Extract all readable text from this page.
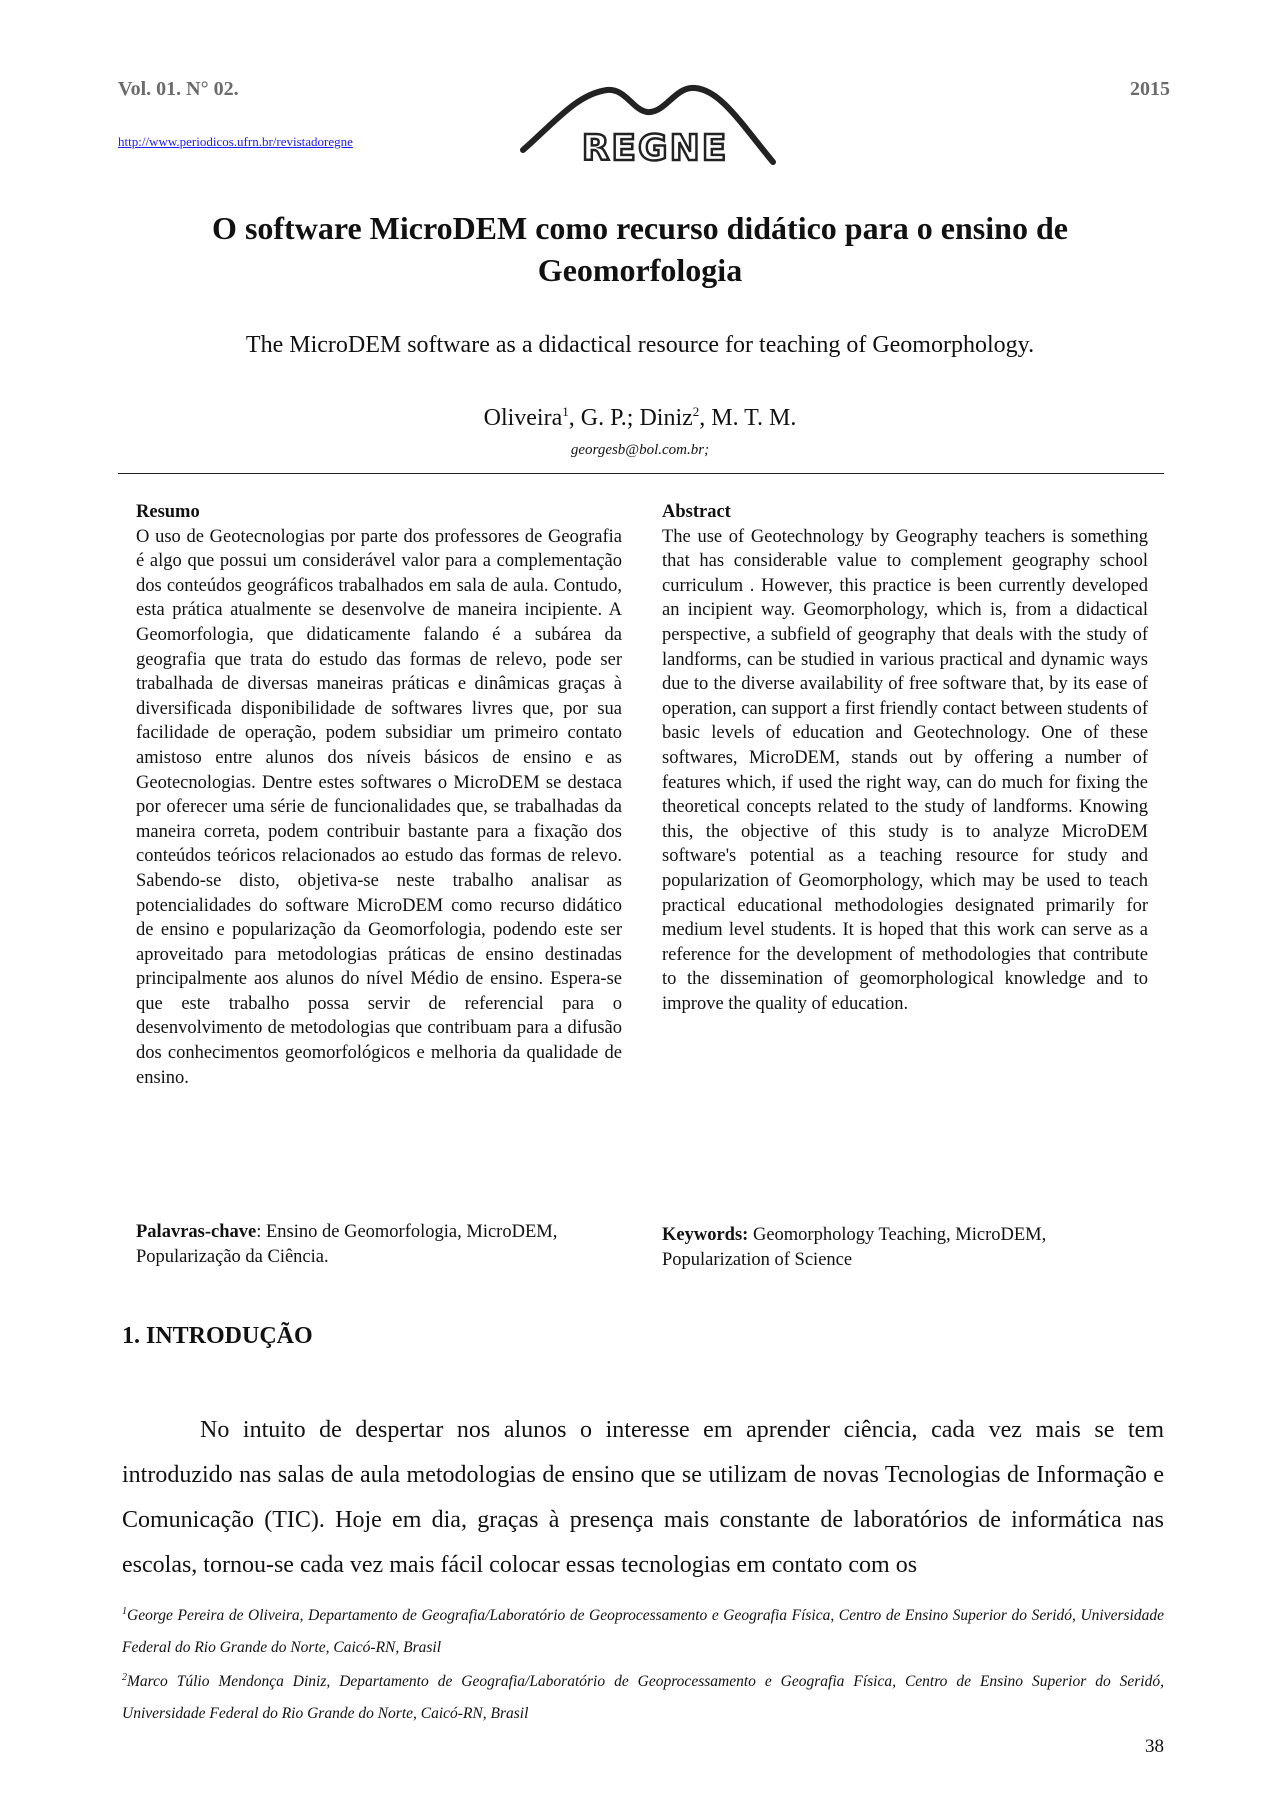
Vol. 01. N° 02.	2015
http://www.periodicos.ufrn.br/revistadoregne	REGNE
O software MicroDEM como recurso didático para o ensino de
Geomorfologia
The MicroDEM software as a didactical resource for teaching of Geomorphology.
Oliveira$^1$, G. P.; Diniz$^2$, M. T. M.
georgesb@bol.com.br;
Resumo

O uso de Geotecnologias por parte dos professores de Geografia é algo que possui um considerável valor para a complementação dos conteúdos geográficos trabalhados em sala de aula. Contudo, esta prática atualmente se desenvolve de maneira incipiente. A Geomorfologia, que didaticamente falando é a subárea da geografia que trata do estudo das formas de relevo, pode ser trabalhada de diversas maneiras práticas e dinâmicas graças à diversificada disponibilidade de softwares livres que, por sua facilidade de operação, podem subsidiar um primeiro contato amistoso entre alunos dos níveis básicos de ensino e as Geotecnologias. Dentre estes softwares o MicroDEM se destaca por oferecer uma série de funcionalidades que, se trabalhadas da maneira correta, podem contribuir bastante para a fixação dos conteúdos teóricos relacionados ao estudo das formas de relevo. Sabendo-se disto, objetiva-se neste trabalho analisar as potencialidades do software MicroDEM como recurso didático de ensino e popularização da Geomorfologia, podendo este ser aproveitado para metodologias práticas de ensino destinadas principalmente aos alunos do nível Médio de ensino. Espera-se que este trabalho possa servir de referencial para o desenvolvimento de metodologias que contribuam para a difusão dos conhecimentos geomorfológicos e melhoria da qualidade de ensino.

Abstract

The use of Geotechnology by Geography teachers is something that has considerable value to complement geography school curriculum . However, this practice is been currently developed an incipient way. Geomorphology, which is, from a didactical perspective, a subfield of geography that deals with the study of landforms, can be studied in various practical and dynamic ways due to the diverse availability of free software that, by its ease of operation, can support a first friendly contact between students of basic levels of education and Geotechnology. One of these softwares, MicroDEM, stands out by offering a number of features which, if used the right way, can do much for fixing the theoretical concepts related to the study of landforms. Knowing this, the objective of this study is to analyze MicroDEM software's potential as a teaching resource for study and popularization of Geomorphology, which may be used to teach practical educational methodologies designated primarily for medium level students. It is hoped that this work can serve as a reference for the development of methodologies that contribute to the dissemination of geomorphological knowledge and to improve the quality of education.

Palavras-chave: Ensino de Geomorfologia, MicroDEM, Popularização da Ciência.
Keywords: Geomorphology Teaching, MicroDEM, Popularization of Science
1. INTRODUÇÃO

No intuito de despertar nos alunos o interesse em aprender ciência, cada vez mais se tem introduzido nas salas de aula metodologias de ensino que se utilizam de novas Tecnologias de Informação e Comunicação (TIC). Hoje em dia, graças à presença mais constante de laboratórios de informática nas escolas, tornou-se cada vez mais fácil colocar essas tecnologias em contato com os

$^1$George Pereira de Oliveira, Departamento de Geografia/Laboratório de Geoprocessamento e Geografia Física, Centro de Ensino Superior do Seridó, Universidade Federal do Rio Grande do Norte, Caicó-RN, Brasil
$^2$Marco Túlio Mendonça Diniz, Departamento de Geografia/Laboratório de Geoprocessamento e Geografia Física, Centro de Ensino Superior do Seridó, Universidade Federal do Rio Grande do Norte, Caicó-RN, Brasil
38
